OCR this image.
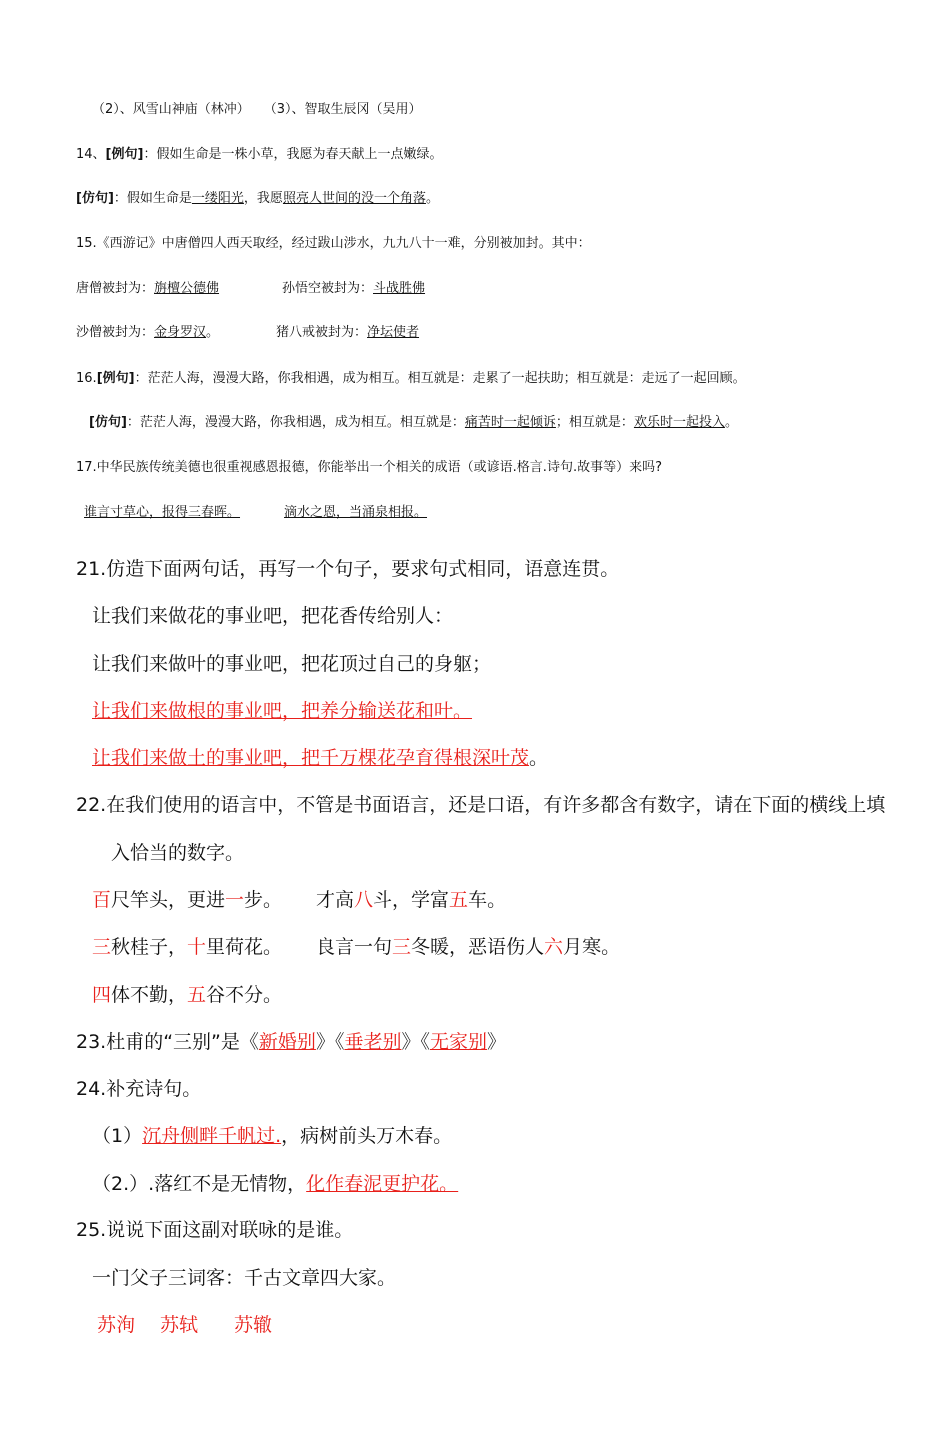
（2）、风雪山神庙（林冲） （3）、智取生辰冈（吴用）
14、[例句]：假如生命是一株小草，我愿为春天献上一点嫩绿。
[仿句]：假如生命是一缕阳光，我愿照亮人世间的没一个角落。
15.《西游记》中唐僧四人西天取经，经过跋山涉水，九九八十一难，分别被加封。其中：
唐僧被封为：旃檀公德佛	孙悟空被封为：斗战胜佛
沙僧被封为：金身罗汉。	猪八戒被封为：净坛使者
16.[例句]：茫茫人海，漫漫大路，你我相遇，成为相互。相互就是：走累了一起扶助；相互就是：走远了一起回顾。
[仿句]：茫茫人海，漫漫大路，你我相遇，成为相互。相互就是：痛苦时一起倾诉；相互就是：欢乐时一起投入。
17.中华民族传统美德也很重视感恩报德，你能举出一个相关的成语（或谚语.格言.诗句.故事等）来吗?
谁言寸草心，报得三春晖。	滴水之恩，当涌泉相报。
21.仿造下面两句话，再写一个句子，要求句式相同，语意连贯。
让我们来做花的事业吧，把花香传给别人：
让我们来做叶的事业吧，把花顶过自己的身躯；
让我们来做根的事业吧，把养分输送花和叶。
让我们来做土的事业吧，把千万棵花孕育得根深叶茂。
22.在我们使用的语言中，不管是书面语言，还是口语，有许多都含有数字，请在下面的横线上填
入恰当的数字。
百尺竿头，更进一步。 才高八斗，学富五车。
三秋桂子，十里荷花。 良言一句三冬暖，恶语伤人六月寒。
四体不勤，五谷不分。
23.杜甫的“三别”是《新婚别》《垂老别》《无家别》
24.补充诗句。
（1）沉舟侧畔千帆过.，病树前头万木春。
（2.）.落红不是无情物，化作春泥更护花。
25.说说下面这副对联咏的是谁。
一门父子三词客：千古文章四大家。
苏洵 苏轼 苏辙
